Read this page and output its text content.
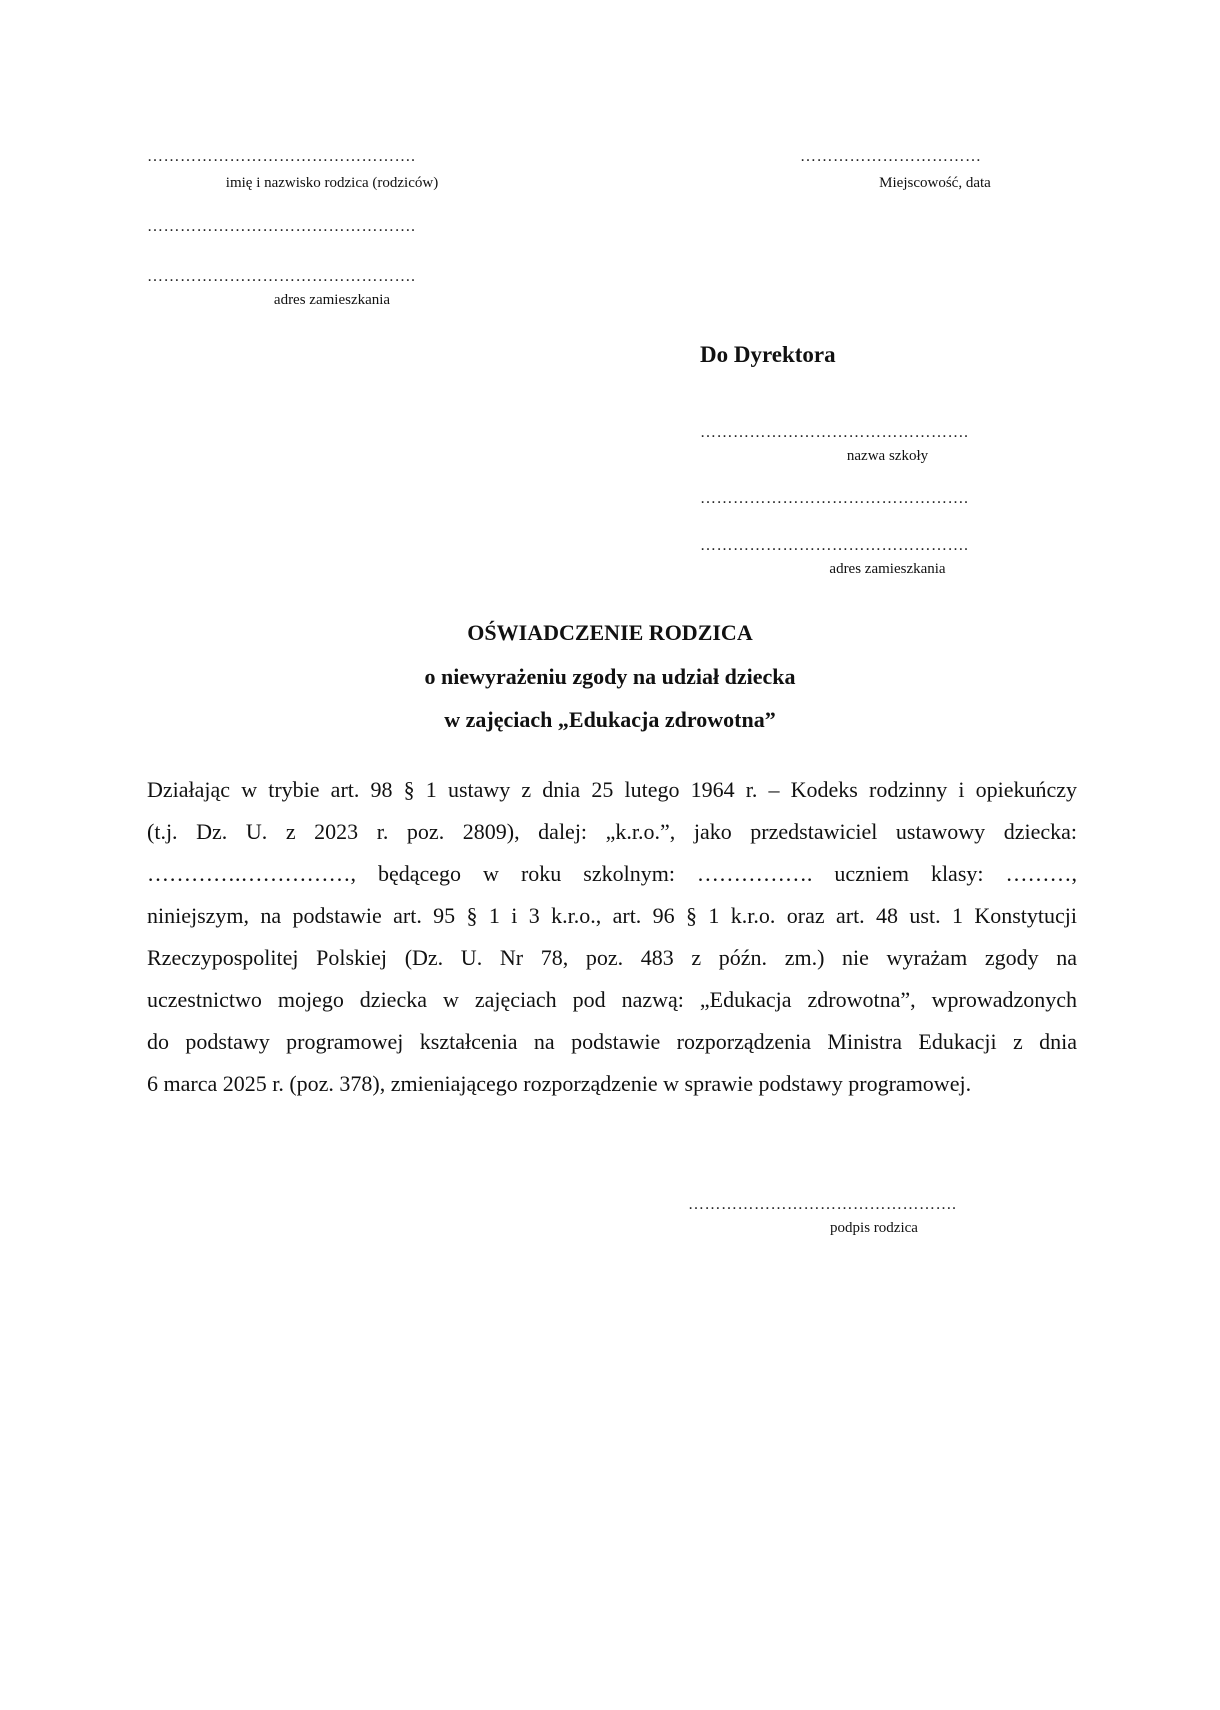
………………………………………….
imię i nazwisko rodzica (rodziców)
………………………………………….
………………………………………….
adres zamieszkania
……………………………
Miejscowość, data
Do Dyrektora
………………………………………….
nazwa szkoły
………………………………………….
………………………………………….
adres zamieszkania
OŚWIADCZENIE RODZICA
o niewyrażeniu zgody na udział dziecka
w zajęciach „Edukacja zdrowotna”
Działając w trybie art. 98 § 1 ustawy z dnia 25 lutego 1964 r. – Kodeks rodzinny i opiekuńczy
(t.j. Dz. U. z 2023 r. poz. 2809), dalej: „k.r.o.”, jako przedstawiciel ustawowy dziecka:
………….……………, będącego w roku szkolnym: ……………. uczniem klasy: ………,
niniejszym, na podstawie art. 95 § 1 i 3 k.r.o., art. 96 § 1 k.r.o. oraz art. 48 ust. 1 Konstytucji
Rzeczypospolitej Polskiej (Dz. U. Nr 78, poz. 483 z późn. zm.) nie wyrażam zgody na
uczestnictwo mojego dziecka w zajęciach pod nazwą: „Edukacja zdrowotna”, wprowadzonych
do podstawy programowej kształcenia na podstawie rozporządzenia Ministra Edukacji z dnia
6 marca 2025 r. (poz. 378), zmieniającego rozporządzenie w sprawie podstawy programowej.
………………………………………….
podpis rodzica
